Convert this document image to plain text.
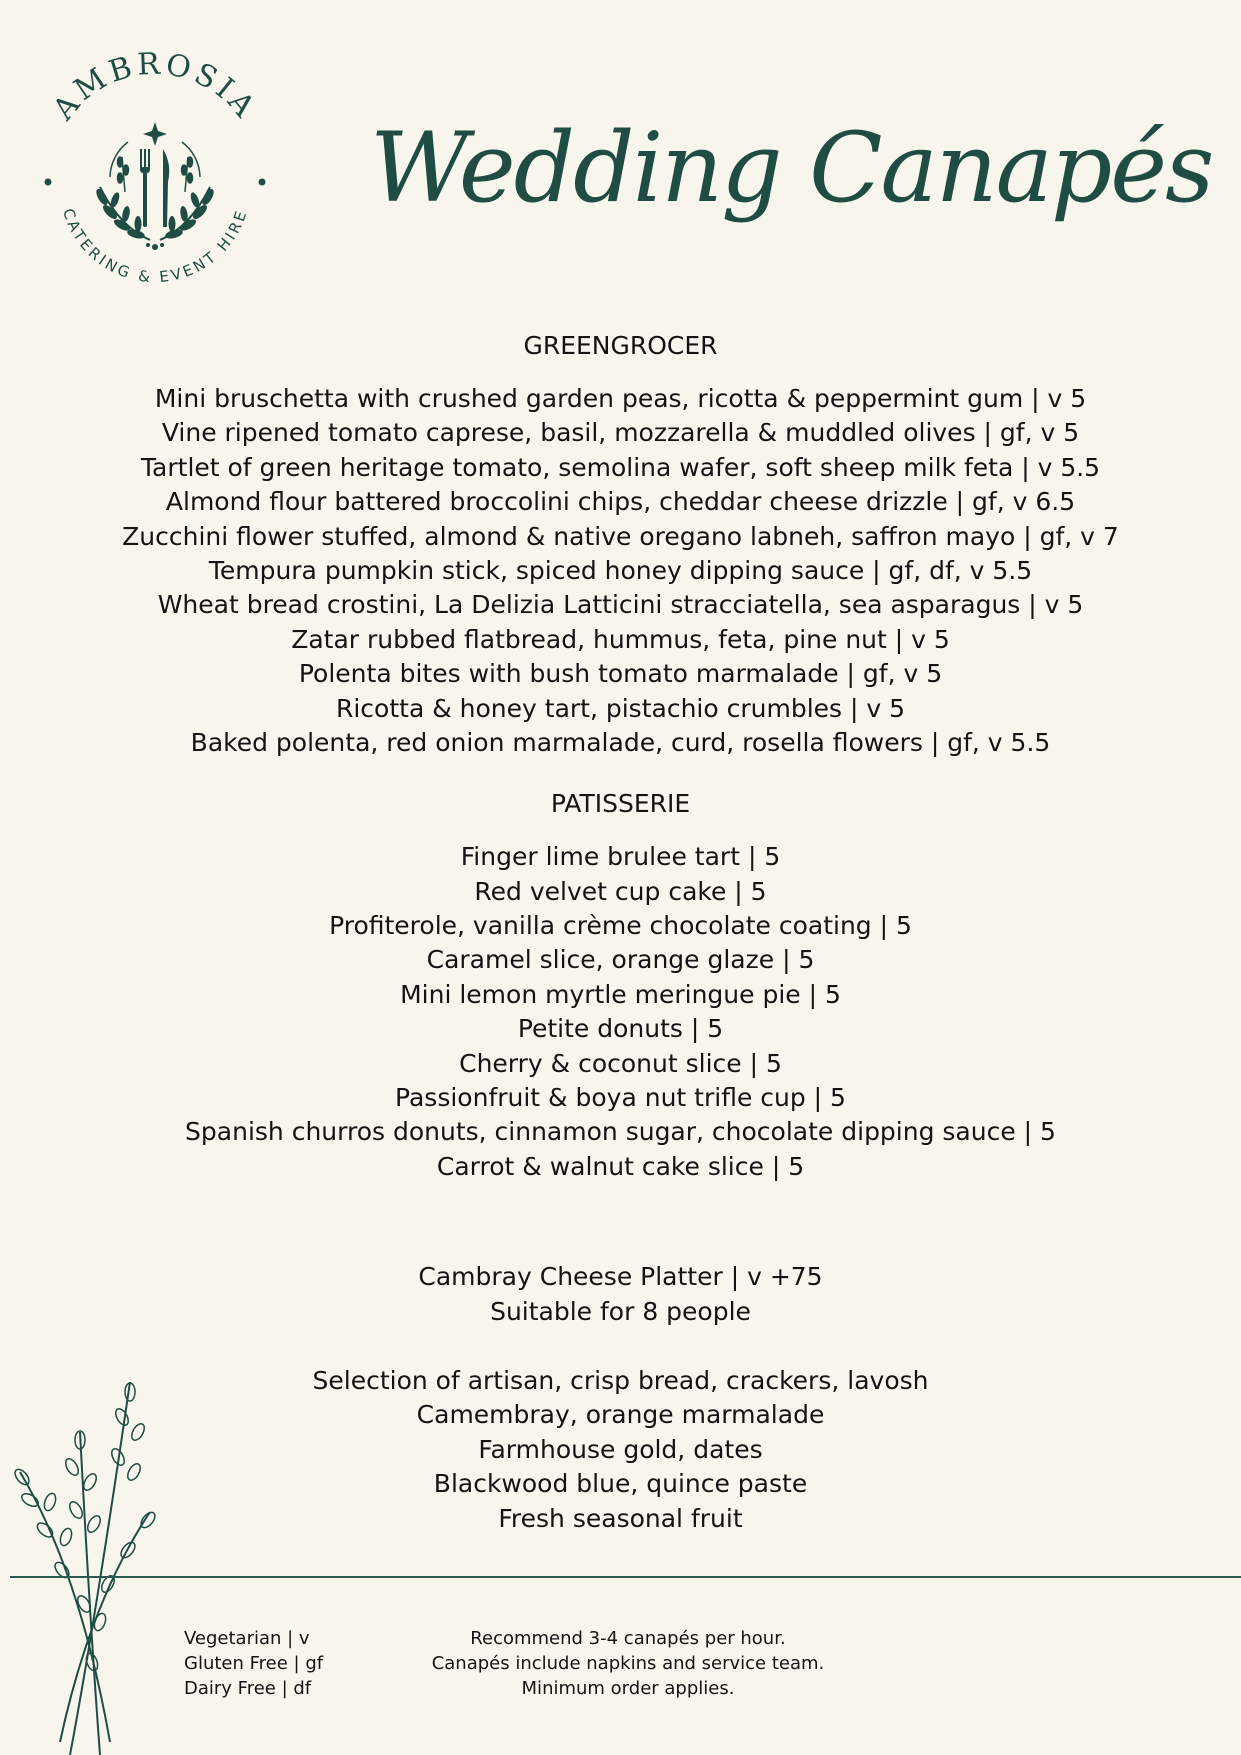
AMBROSIA
CATERING & EVENT HIRE Wedding Canapés
GREENGROCER
Mini bruschetta with crushed garden peas, ricotta & peppermint gum | v 5
Vine ripened tomato caprese, basil, mozzarella & muddled olives | gf, v 5
Tartlet of green heritage tomato, semolina wafer, soft sheep milk feta | v 5.5
Almond flour battered broccolini chips, cheddar cheese drizzle | gf, v 6.5
Zucchini flower stuffed, almond & native oregano labneh, saffron mayo | gf, v 7
Tempura pumpkin stick, spiced honey dipping sauce | gf, df, v 5.5
Wheat bread crostini, La Delizia Latticini stracciatella, sea asparagus | v 5
Zatar rubbed flatbread, hummus, feta, pine nut | v 5
Polenta bites with bush tomato marmalade | gf, v 5
Ricotta & honey tart, pistachio crumbles | v 5
Baked polenta, red onion marmalade, curd, rosella flowers | gf, v 5.5
PATISSERIE
Finger lime brulee tart | 5
Red velvet cup cake | 5
Profiterole, vanilla crème chocolate coating | 5
Caramel slice, orange glaze | 5
Mini lemon myrtle meringue pie | 5
Petite donuts | 5
Cherry & coconut slice | 5
Passionfruit & boya nut trifle cup | 5
Spanish churros donuts, cinnamon sugar, chocolate dipping sauce | 5
Carrot & walnut cake slice | 5
Cambray Cheese Platter | v +75
Suitable for 8 people
Selection of artisan, crisp bread, crackers, lavosh
Camembray, orange marmalade
Farmhouse gold, dates
Blackwood blue, quince paste
Fresh seasonal fruit
Vegetarian | v
Gluten Free | gf
Dairy Free | df
Recommend 3-4 canapés per hour.
Canapés include napkins and service team.
Minimum order applies.
